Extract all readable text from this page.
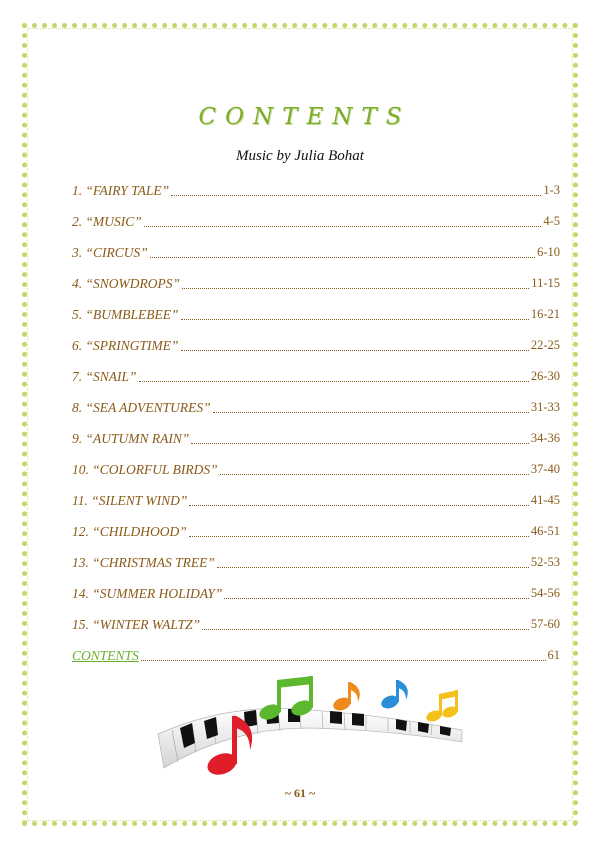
CONTENTS
Music by Julia Bohat
1. “FAIRY TALE”	1-3
2. “MUSIC”	4-5
3. “CIRCUS”	6-10
4. “SNOWDROPS”	11-15
5. “BUMBLEBEE”	16-21
6. “SPRINGTIME”	22-25
7. “SNAIL”	26-30
8. “SEA ADVENTURES”	31-33
9. “AUTUMN RAIN”	34-36
10. “COLORFUL BIRDS”	37-40
11. “SILENT WIND”	41-45
12. “CHILDHOOD”	46-51
13. “CHRISTMAS TREE”	52-53
14. “SUMMER HOLIDAY”	54-56
15. “WINTER WALTZ”	57-60
CONTENTS	61
~ 61 ~
